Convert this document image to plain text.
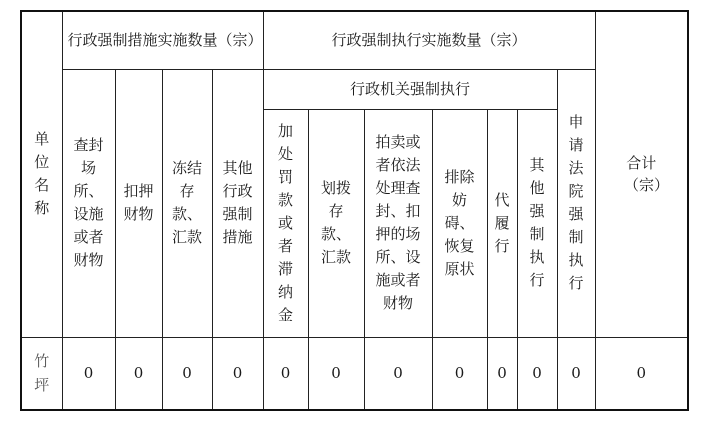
单位名称	行政强制措施实施数量（宗）				行政强制执行实施数量（宗）							合计（宗）
	查封场所、设施或者财物	扣押财物	冻结存款、汇款	其他行政强制措施	行政机关强制执行						申请法院强制执行	
					加处罚款或者滞纳金	划拨存款、汇款	拍卖或者依法处理查封、扣押的场所、设施或者财物	排除妨碍、恢复原状	代履行	其他强制执行		
竹坪	0	0	0	0	0	0	0	0	0	0	0	0
